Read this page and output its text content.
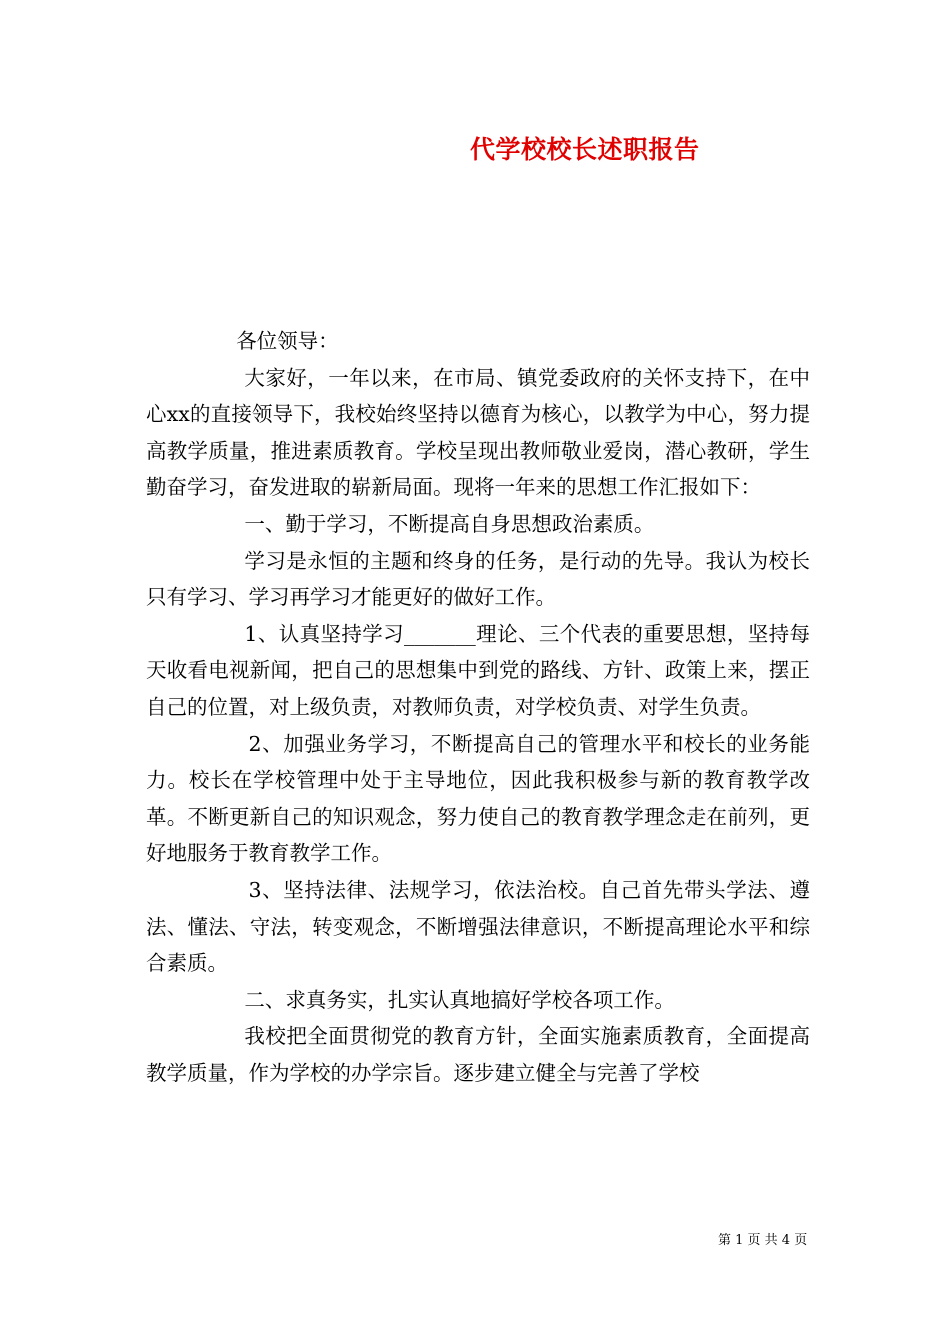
代学校校长述职报告

各位领导：

大家好，一年以来，在市局、镇党委政府的关怀支持下，在中心xx的直接领导下，我校始终坚持以德育为核心，以教学为中心，努力提高教学质量，推进素质教育。学校呈现出教师敬业爱岗，潜心教研，学生勤奋学习，奋发进取的崭新局面。现将一年来的思想工作汇报如下：

一、勤于学习，不断提高自身思想政治素质。

学习是永恒的主题和终身的任务，是行动的先导。我认为校长只有学习、学习再学习才能更好的做好工作。

1、认真坚持学习_______理论、三个代表的重要思想，坚持每天收看电视新闻，把自己的思想集中到党的路线、方针、政策上来，摆正自己的位置，对上级负责，对教师负责，对学校负责、对学生负责。

2、加强业务学习，不断提高自己的管理水平和校长的业务能力。校长在学校管理中处于主导地位，因此我积极参与新的教育教学改革。不断更新自己的知识观念，努力使自己的教育教学理念走在前列，更好地服务于教育教学工作。

3、坚持法律、法规学习，依法治校。自己首先带头学法、遵法、懂法、守法，转变观念，不断增强法律意识，不断提高理论水平和综合素质。

二、求真务实，扎实认真地搞好学校各项工作。

我校把全面贯彻党的教育方针，全面实施素质教育，全面提高教学质量，作为学校的办学宗旨。逐步建立健全与完善了学校

第 1 页 共 4 页
